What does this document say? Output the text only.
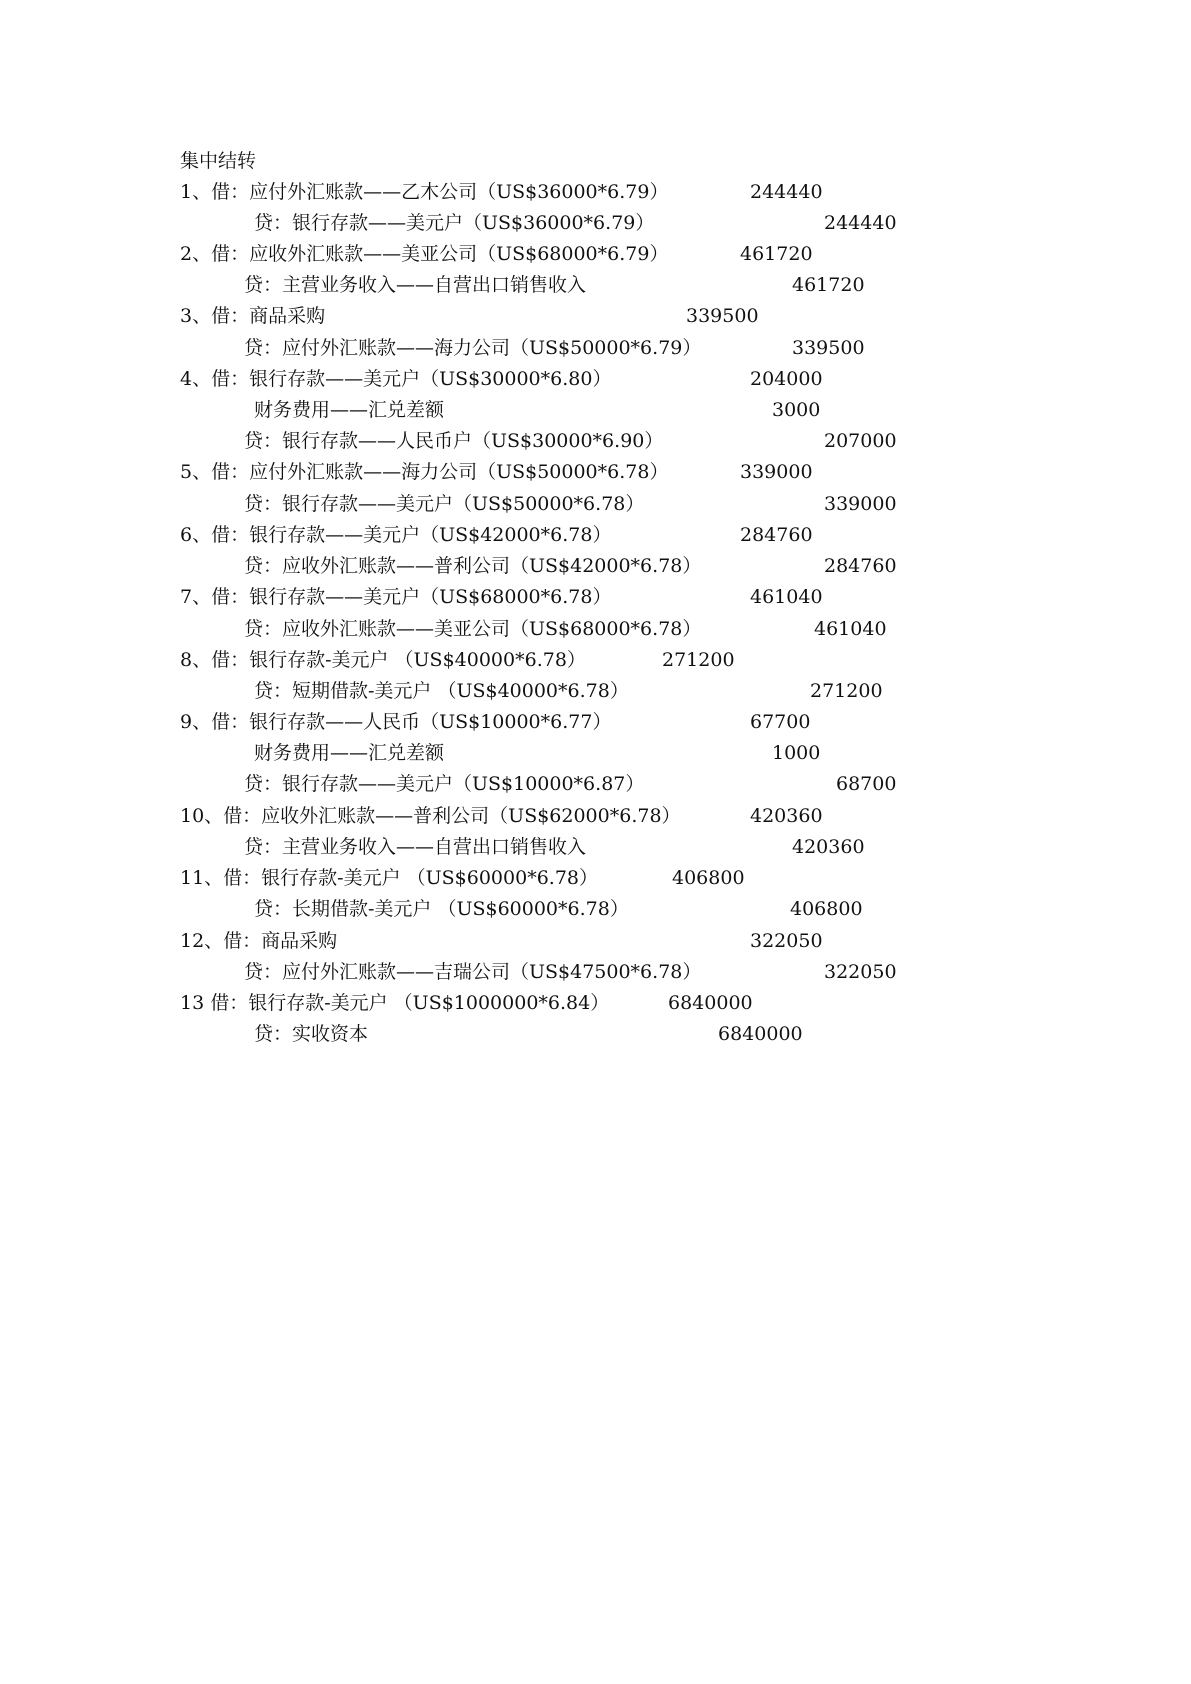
集中结转
1、借：应付外汇账款——乙木公司（US$36000*6.79）	244440
贷：银行存款——美元户（US$36000*6.79）	244440
2、借：应收外汇账款——美亚公司（US$68000*6.79）	461720
贷：主营业务收入——自营出口销售收入	461720
3、借：商品采购	339500
贷：应付外汇账款——海力公司（US$50000*6.79）	339500
4、借：银行存款——美元户（US$30000*6.80）	204000
财务费用——汇兑差额	3000
贷：银行存款——人民币户（US$30000*6.90）	207000
5、借：应付外汇账款——海力公司（US$50000*6.78）	339000
贷：银行存款——美元户（US$50000*6.78）	339000
6、借：银行存款——美元户（US$42000*6.78）	284760
贷：应收外汇账款——普利公司（US$42000*6.78）	284760
7、借：银行存款——美元户（US$68000*6.78）	461040
贷：应收外汇账款——美亚公司（US$68000*6.78）	461040
8、借：银行存款-美元户 （US$40000*6.78）	271200
贷：短期借款-美元户 （US$40000*6.78）	271200
9、借：银行存款——人民币（US$10000*6.77）	67700
财务费用——汇兑差额	1000
贷：银行存款——美元户（US$10000*6.87）	68700
10、借：应收外汇账款——普利公司（US$62000*6.78）	420360
贷：主营业务收入——自营出口销售收入	420360
11、借：银行存款-美元户 （US$60000*6.78）	406800
贷：长期借款-美元户 （US$60000*6.78）	406800
12、借：商品采购	322050
贷：应付外汇账款——吉瑞公司（US$47500*6.78）	322050
13 借：银行存款-美元户 （US$1000000*6.84）	6840000
贷：实收资本	6840000
